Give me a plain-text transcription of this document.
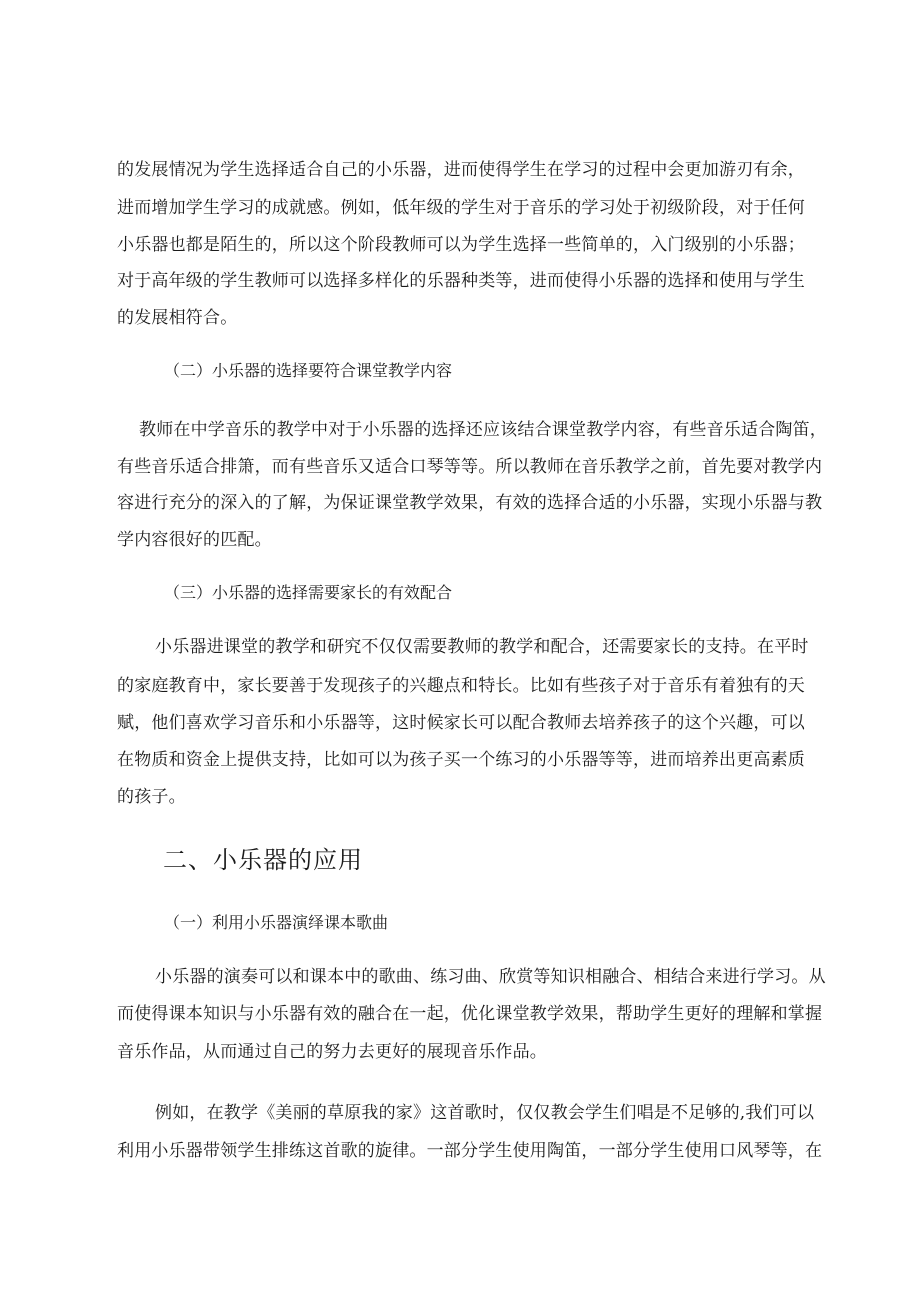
的发展情况为学生选择适合自己的小乐器，进而使得学生在学习的过程中会更加游刃有余，
进而增加学生学习的成就感。例如，低年级的学生对于音乐的学习处于初级阶段，对于任何
小乐器也都是陌生的，所以这个阶段教师可以为学生选择一些简单的，入门级别的小乐器；
对于高年级的学生教师可以选择多样化的乐器种类等，进而使得小乐器的选择和使用与学生
的发展相符合。
（二）小乐器的选择要符合课堂教学内容
教师在中学音乐的教学中对于小乐器的选择还应该结合课堂教学内容，有些音乐适合陶笛，
有些音乐适合排箫，而有些音乐又适合口琴等等。所以教师在音乐教学之前，首先要对教学内
容进行充分的深入的了解，为保证课堂教学效果，有效的选择合适的小乐器，实现小乐器与教
学内容很好的匹配。
（三）小乐器的选择需要家长的有效配合
小乐器进课堂的教学和研究不仅仅需要教师的教学和配合，还需要家长的支持。在平时
的家庭教育中，家长要善于发现孩子的兴趣点和特长。比如有些孩子对于音乐有着独有的天
赋，他们喜欢学习音乐和小乐器等，这时候家长可以配合教师去培养孩子的这个兴趣，可以
在物质和资金上提供支持，比如可以为孩子买一个练习的小乐器等等，进而培养出更高素质
的孩子。
二、小乐器的应用
（一）利用小乐器演绎课本歌曲
小乐器的演奏可以和课本中的歌曲、练习曲、欣赏等知识相融合、相结合来进行学习。从
而使得课本知识与小乐器有效的融合在一起，优化课堂教学效果，帮助学生更好的理解和掌握
音乐作品，从而通过自己的努力去更好的展现音乐作品。
例如，在教学《美丽的草原我的家》这首歌时，仅仅教会学生们唱是不足够的,我们可以
利用小乐器带领学生排练这首歌的旋律。一部分学生使用陶笛，一部分学生使用口风琴等，在
